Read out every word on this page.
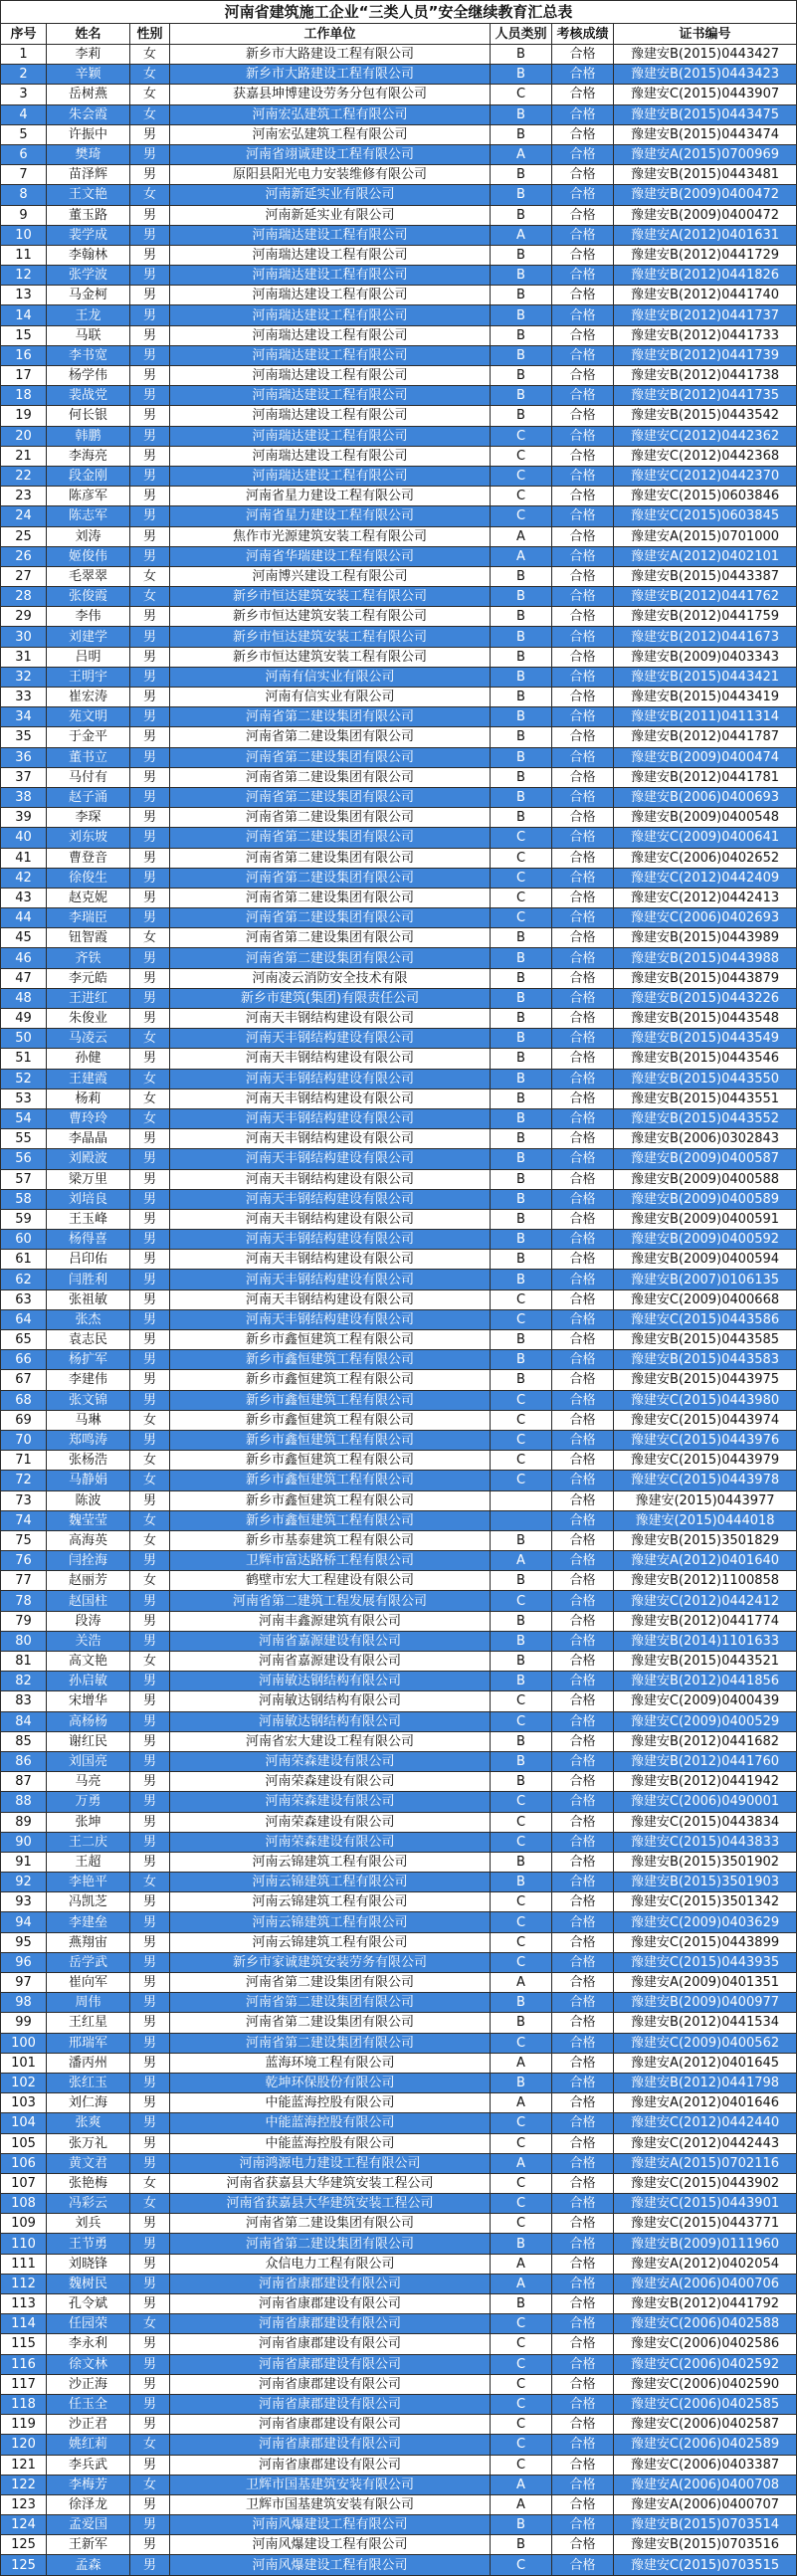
河南省建筑施工企业“三类人员”安全继续教育汇总表						
序号	姓名	性别	工作单位	人员类别	考核成绩	证书编号
1	李莉	女	新乡市大路建设工程有限公司	B	合格	豫建安B(2015)0443427
2	辛颖	女	新乡市大路建设工程有限公司	B	合格	豫建安B(2015)0443423
3	岳树燕	女	获嘉县坤博建设劳务分包有限公司	C	合格	豫建安C(2015)0443907
4	朱会霞	女	河南宏弘建筑工程有限公司	B	合格	豫建安B(2015)0443475
5	许振中	男	河南宏弘建筑工程有限公司	B	合格	豫建安B(2015)0443474
6	樊琦	男	河南省翊诚建设工程有限公司	A	合格	豫建安A(2015)0700969
7	苗泽辉	男	原阳县阳光电力安装维修有限公司	B	合格	豫建安B(2015)0443481
8	王文艳	女	河南新延实业有限公司	B	合格	豫建安B(2009)0400472
9	董玉路	男	河南新延实业有限公司	B	合格	豫建安B(2009)0400472
10	裴学成	男	河南瑞达建设工程有限公司	A	合格	豫建安A(2012)0401631
11	李翰林	男	河南瑞达建设工程有限公司	B	合格	豫建安B(2012)0441729
12	张学波	男	河南瑞达建设工程有限公司	B	合格	豫建安B(2012)0441826
13	马金柯	男	河南瑞达建设工程有限公司	B	合格	豫建安B(2012)0441740
14	王龙	男	河南瑞达建设工程有限公司	B	合格	豫建安B(2012)0441737
15	马联	男	河南瑞达建设工程有限公司	B	合格	豫建安B(2012)0441733
16	李书宽	男	河南瑞达建设工程有限公司	B	合格	豫建安B(2012)0441739
17	杨学伟	男	河南瑞达建设工程有限公司	B	合格	豫建安B(2012)0441738
18	裴战党	男	河南瑞达建设工程有限公司	B	合格	豫建安B(2012)0441735
19	何长银	男	河南瑞达建设工程有限公司	B	合格	豫建安B(2015)0443542
20	韩鹏	男	河南瑞达建设工程有限公司	C	合格	豫建安C(2012)0442362
21	李海亮	男	河南瑞达建设工程有限公司	C	合格	豫建安C(2012)0442368
22	段金刚	男	河南瑞达建设工程有限公司	C	合格	豫建安C(2012)0442370
23	陈彦军	男	河南省星力建设工程有限公司	C	合格	豫建安C(2015)0603846
24	陈志军	男	河南省星力建设工程有限公司	C	合格	豫建安C(2015)0603845
25	刘涛	男	焦作市光源建筑安装工程有限公司	A	合格	豫建安A(2015)0701000
26	姬俊伟	男	河南省华瑞建设工程有限公司	A	合格	豫建安A(2012)0402101
27	毛翠翠	女	河南博兴建设工程有限公司	B	合格	豫建安B(2015)0443387
28	张俊霞	女	新乡市恒达建筑安装工程有限公司	B	合格	豫建安B(2012)0441762
29	李伟	男	新乡市恒达建筑安装工程有限公司	B	合格	豫建安B(2012)0441759
30	刘建学	男	新乡市恒达建筑安装工程有限公司	B	合格	豫建安B(2012)0441673
31	吕明	男	新乡市恒达建筑安装工程有限公司	B	合格	豫建安B(2009)0403343
32	王明宇	男	河南有信实业有限公司	B	合格	豫建安B(2015)0443421
33	崔宏涛	男	河南有信实业有限公司	B	合格	豫建安B(2015)0443419
34	苑文明	男	河南省第二建设集团有限公司	B	合格	豫建安B(2011)0411314
35	于金平	男	河南省第二建设集团有限公司	B	合格	豫建安B(2012)0441787
36	董书立	男	河南省第二建设集团有限公司	B	合格	豫建安B(2009)0400474
37	马付有	男	河南省第二建设集团有限公司	B	合格	豫建安B(2012)0441781
38	赵子涌	男	河南省第二建设集团有限公司	B	合格	豫建安B(2006)0400693
39	李琛	男	河南省第二建设集团有限公司	B	合格	豫建安B(2009)0400548
40	刘东坡	男	河南省第二建设集团有限公司	C	合格	豫建安C(2009)0400641
41	曹登音	男	河南省第二建设集团有限公司	C	合格	豫建安C(2006)0402652
42	徐俊生	男	河南省第二建设集团有限公司	C	合格	豫建安C(2012)0442409
43	赵克妮	男	河南省第二建设集团有限公司	C	合格	豫建安C(2012)0442413
44	李瑞臣	男	河南省第二建设集团有限公司	C	合格	豫建安C(2006)0402693
45	钮智霞	女	河南省第二建设集团有限公司	B	合格	豫建安B(2015)0443989
46	齐铁	男	河南省第二建设集团有限公司	B	合格	豫建安B(2015)0443988
47	李元皓	男	河南凌云消防安全技术有限	B	合格	豫建安B(2015)0443879
48	王进红	男	新乡市建筑(集团)有限责任公司	B	合格	豫建安B(2015)0443226
49	朱俊业	男	河南天丰钢结构建设有限公司	B	合格	豫建安B(2015)0443548
50	马凌云	女	河南天丰钢结构建设有限公司	B	合格	豫建安B(2015)0443549
51	孙健	男	河南天丰钢结构建设有限公司	B	合格	豫建安B(2015)0443546
52	王建霞	女	河南天丰钢结构建设有限公司	B	合格	豫建安B(2015)0443550
53	杨莉	女	河南天丰钢结构建设有限公司	B	合格	豫建安B(2015)0443551
54	曹玲玲	女	河南天丰钢结构建设有限公司	B	合格	豫建安B(2015)0443552
55	李晶晶	男	河南天丰钢结构建设有限公司	B	合格	豫建安B(2006)0302843
56	刘殿波	男	河南天丰钢结构建设有限公司	B	合格	豫建安B(2009)0400587
57	梁万里	男	河南天丰钢结构建设有限公司	B	合格	豫建安B(2009)0400588
58	刘培良	男	河南天丰钢结构建设有限公司	B	合格	豫建安B(2009)0400589
59	王玉峰	男	河南天丰钢结构建设有限公司	B	合格	豫建安B(2009)0400591
60	杨得喜	男	河南天丰钢结构建设有限公司	B	合格	豫建安B(2009)0400592
61	吕印佑	男	河南天丰钢结构建设有限公司	B	合格	豫建安B(2009)0400594
62	闫胜利	男	河南天丰钢结构建设有限公司	B	合格	豫建安B(2007)0106135
63	张祖敏	男	河南天丰钢结构建设有限公司	C	合格	豫建安C(2009)0400668
64	张杰	男	河南天丰钢结构建设有限公司	C	合格	豫建安C(2015)0443586
65	袁志民	男	新乡市鑫恒建筑工程有限公司	B	合格	豫建安B(2015)0443585
66	杨扩军	男	新乡市鑫恒建筑工程有限公司	B	合格	豫建安B(2015)0443583
67	李建伟	男	新乡市鑫恒建筑工程有限公司	B	合格	豫建安B(2015)0443975
68	张文锦	男	新乡市鑫恒建筑工程有限公司	C	合格	豫建安C(2015)0443980
69	马琳	女	新乡市鑫恒建筑工程有限公司	C	合格	豫建安C(2015)0443974
70	郑鸣涛	男	新乡市鑫恒建筑工程有限公司	C	合格	豫建安C(2015)0443976
71	张杨浩	女	新乡市鑫恒建筑工程有限公司	C	合格	豫建安C(2015)0443979
72	马静娟	女	新乡市鑫恒建筑工程有限公司	C	合格	豫建安C(2015)0443978
73	陈波	男	新乡市鑫恒建筑工程有限公司		合格	豫建安(2015)0443977
74	魏莹莹	女	新乡市鑫恒建筑工程有限公司		合格	豫建安(2015)0444018
75	高海英	女	新乡市基泰建筑工程有限公司	B	合格	豫建安B(2015)3501829
76	闫拴海	男	卫辉市富达路桥工程有限公司	A	合格	豫建安A(2012)0401640
77	赵丽芳	女	鹤壁市宏大工程建设有限公司	B	合格	豫建安B(2012)1100858
78	赵国柱	男	河南省第二建筑工程发展有限公司	C	合格	豫建安C(2012)0442412
79	段涛	男	河南丰鑫源建筑有限公司	B	合格	豫建安B(2012)0441774
80	关浩	男	河南省嘉源建设有限公司	B	合格	豫建安B(2014)1101633
81	高文艳	女	河南省嘉源建设有限公司	B	合格	豫建安B(2015)0443521
82	孙启敏	男	河南敏达钢结构有限公司	B	合格	豫建安B(2012)0441856
83	宋增华	男	河南敏达钢结构有限公司	C	合格	豫建安C(2009)0400439
84	高杨杨	男	河南敏达钢结构有限公司	C	合格	豫建安C(2009)0400529
85	谢红民	男	河南省宏大建设工程有限公司	B	合格	豫建安B(2012)0441682
86	刘国亮	男	河南荣森建设有限公司	B	合格	豫建安B(2012)0441760
87	马亮	男	河南荣森建设有限公司	B	合格	豫建安B(2012)0441942
88	万勇	男	河南荣森建设有限公司	C	合格	豫建安C(2006)0490001
89	张坤	男	河南荣森建设有限公司	C	合格	豫建安C(2015)0443834
90	王二庆	男	河南荣森建设有限公司	C	合格	豫建安C(2015)0443833
91	王超	男	河南云锦建筑工程有限公司	B	合格	豫建安B(2015)3501902
92	李艳平	女	河南云锦建筑工程有限公司	B	合格	豫建安B(2015)3501903
93	冯凯芝	男	河南云锦建筑工程有限公司	C	合格	豫建安C(2015)3501342
94	李建垒	男	河南云锦建筑工程有限公司	C	合格	豫建安C(2009)0403629
95	燕翔宙	男	河南云锦建筑工程有限公司	C	合格	豫建安C(2015)0443899
96	岳学武	男	新乡市家诚建筑安装劳务有限公司	C	合格	豫建安C(2015)0443935
97	崔向军	男	河南省第二建设集团有限公司	A	合格	豫建安A(2009)0401351
98	周伟	男	河南省第二建设集团有限公司	B	合格	豫建安B(2009)0400977
99	王红星	男	河南省第二建设集团有限公司	B	合格	豫建安B(2012)0441534
100	邢瑞军	男	河南省第二建设集团有限公司	C	合格	豫建安C(2009)0400562
101	潘丙州	男	蓝海环境工程有限公司	A	合格	豫建安A(2012)0401645
102	张红玉	男	乾坤环保股份有限公司	B	合格	豫建安B(2012)0441798
103	刘仁海	男	中能蓝海控股有限公司	A	合格	豫建安A(2012)0401646
104	张爽	男	中能蓝海控股有限公司	C	合格	豫建安C(2012)0442440
105	张万礼	男	中能蓝海控股有限公司	C	合格	豫建安C(2012)0442443
106	黄文君	男	河南鸿源电力建设工程有限公司	A	合格	豫建安A(2015)0702116
107	张艳梅	女	河南省获嘉县大华建筑安装工程公司	C	合格	豫建安C(2015)0443902
108	冯彩云	女	河南省获嘉县大华建筑安装工程公司	C	合格	豫建安C(2015)0443901
109	刘兵	男	河南省第二建设集团有限公司	C	合格	豫建安C(2015)0443771
110	王节勇	男	河南省第二建设集团有限公司	B	合格	豫建安B(2009)0111960
111	刘晓锋	男	众信电力工程有限公司	A	合格	豫建安A(2012)0402054
112	魏树民	男	河南省康郡建设有限公司	A	合格	豫建安A(2006)0400706
113	孔令斌	男	河南省康郡建设有限公司	B	合格	豫建安B(2012)0441792
114	任园荣	女	河南省康郡建设有限公司	C	合格	豫建安C(2006)0402588
115	李永利	男	河南省康郡建设有限公司	C	合格	豫建安C(2006)0402586
116	徐文林	男	河南省康郡建设有限公司	C	合格	豫建安C(2006)0402592
117	沙正海	男	河南省康郡建设有限公司	C	合格	豫建安C(2006)0402590
118	任玉全	男	河南省康郡建设有限公司	C	合格	豫建安C(2006)0402585
119	沙正君	男	河南省康郡建设有限公司	C	合格	豫建安C(2006)0402587
120	姚红莉	女	河南省康郡建设有限公司	C	合格	豫建安C(2006)0402589
121	李兵武	男	河南省康郡建设有限公司	C	合格	豫建安C(2006)0403387
122	李梅芳	女	卫辉市国基建筑安装有限公司	A	合格	豫建安A(2006)0400708
123	徐泽龙	男	卫辉市国基建筑安装有限公司	A	合格	豫建安A(2006)0400707
124	孟爱国	男	河南风爆建设工程有限公司	B	合格	豫建安B(2015)0703514
125	王新军	男	河南风爆建设工程有限公司	B	合格	豫建安B(2015)0703516
125	孟森	男	河南风爆建设工程有限公司	C	合格	豫建安C(2015)0703515
